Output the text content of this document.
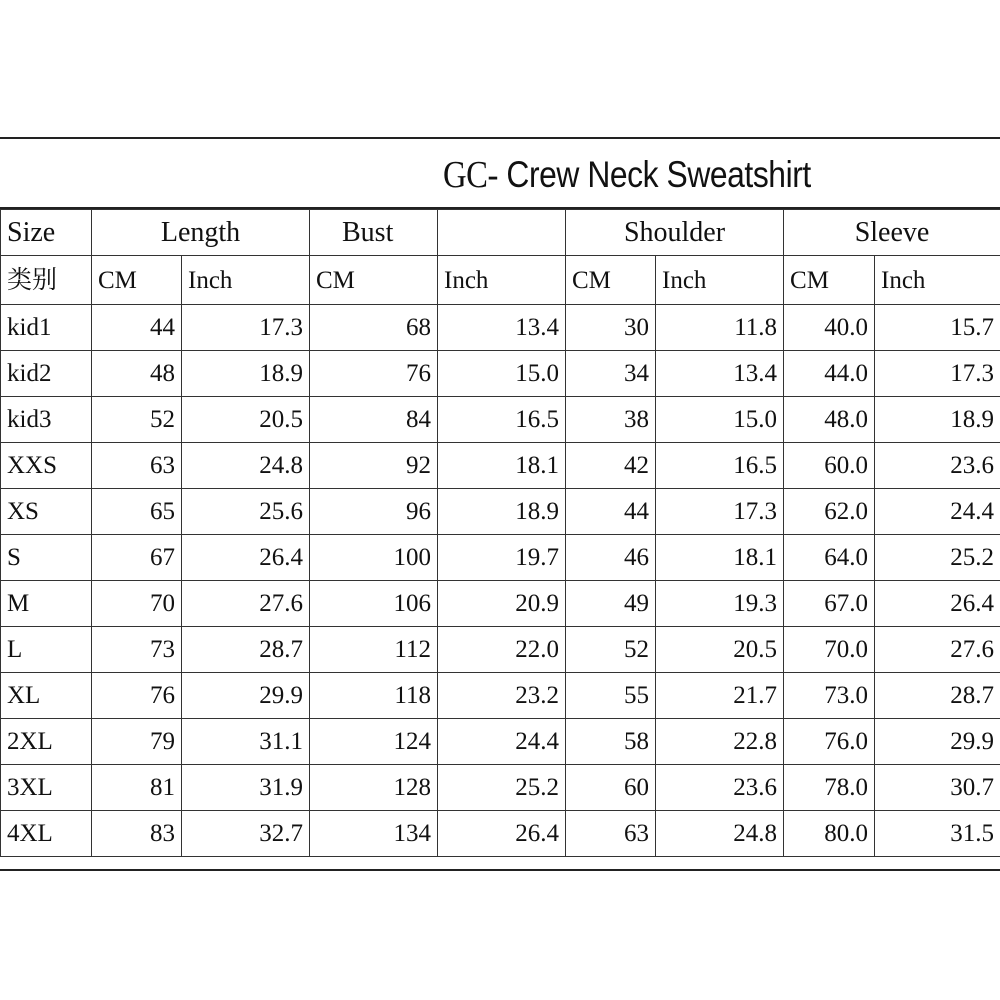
GC- Crew Neck Sweatshirt
Size	Length		Bust		Shoulder		Sleeve	
类别	CM	Inch	CM	Inch	CM	Inch	CM	Inch
kid1	44	17.3	68	13.4	30	11.8	40.0	15.7
kid2	48	18.9	76	15.0	34	13.4	44.0	17.3
kid3	52	20.5	84	16.5	38	15.0	48.0	18.9
XXS	63	24.8	92	18.1	42	16.5	60.0	23.6
XS	65	25.6	96	18.9	44	17.3	62.0	24.4
S	67	26.4	100	19.7	46	18.1	64.0	25.2
M	70	27.6	106	20.9	49	19.3	67.0	26.4
L	73	28.7	112	22.0	52	20.5	70.0	27.6
XL	76	29.9	118	23.2	55	21.7	73.0	28.7
2XL	79	31.1	124	24.4	58	22.8	76.0	29.9
3XL	81	31.9	128	25.2	60	23.6	78.0	30.7
4XL	83	32.7	134	26.4	63	24.8	80.0	31.5
